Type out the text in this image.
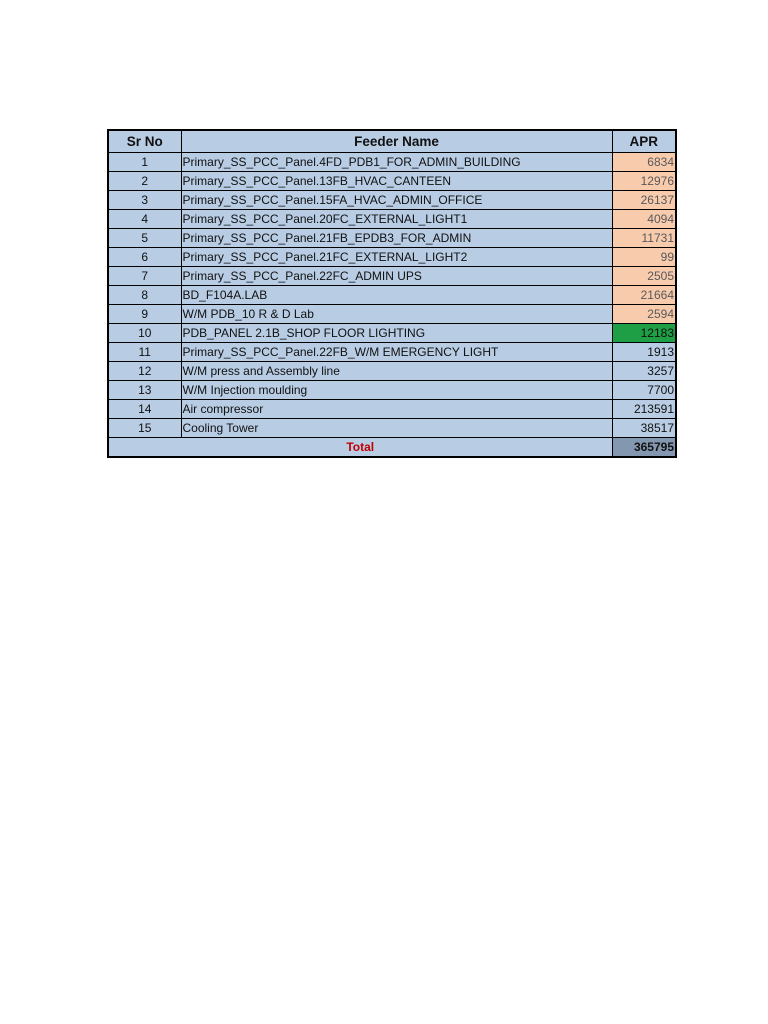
Sr No	Feeder Name	APR
1	Primary_SS_PCC_Panel.4FD_PDB1_FOR_ADMIN_BUILDING	6834
2	Primary_SS_PCC_Panel.13FB_HVAC_CANTEEN	12976
3	Primary_SS_PCC_Panel.15FA_HVAC_ADMIN_OFFICE	26137
4	Primary_SS_PCC_Panel.20FC_EXTERNAL_LIGHT1	4094
5	Primary_SS_PCC_Panel.21FB_EPDB3_FOR_ADMIN	11731
6	Primary_SS_PCC_Panel.21FC_EXTERNAL_LIGHT2	99
7	Primary_SS_PCC_Panel.22FC_ADMIN UPS	2505
8	BD_F104A.LAB	21664
9	W/M PDB_10 R & D Lab	2594
10	PDB_PANEL 2.1B_SHOP FLOOR LIGHTING	12183
11	Primary_SS_PCC_Panel.22FB_W/M EMERGENCY LIGHT	1913
12	W/M press and Assembly line	3257
13	W/M Injection moulding	7700
14	Air compressor	213591
15	Cooling Tower	38517
Total		365795
